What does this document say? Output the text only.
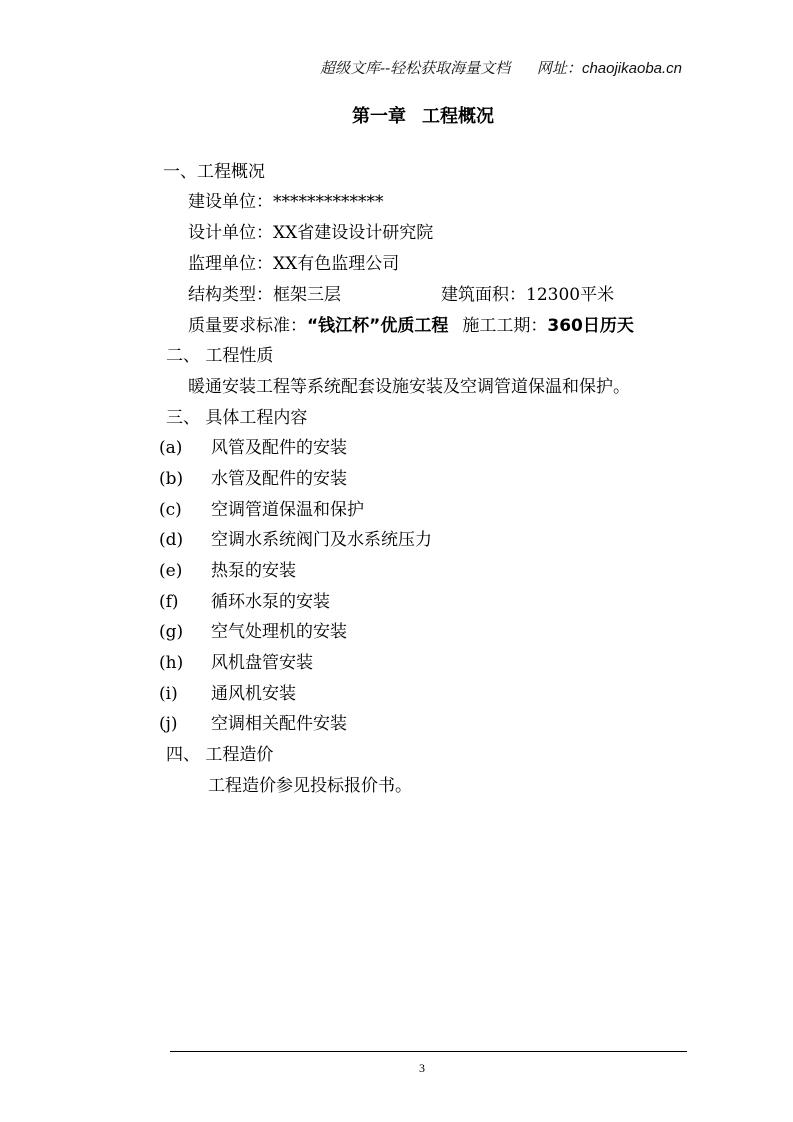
超级文库--轻松获取海量文档 网址：chaojikaoba.cn
第一章 工程概况
一、工程概况
建设单位：*************
设计单位：XX省建设设计研究院
监理单位：XX有色监理公司
结构类型：框架三层	建筑面积：12300平米
质量要求标准：“钱江杯”优质工程 施工工期：360日历天
二、 工程性质
暖通安装工程等系统配套设施安装及空调管道保温和保护。
三、 具体工程内容
(a) 风管及配件的安装
(b) 水管及配件的安装
(c) 空调管道保温和保护
(d) 空调水系统阀门及水系统压力
(e) 热泵的安装
(f) 循环水泵的安装
(g) 空气处理机的安装
(h) 风机盘管安装
(i) 通风机安装
(j) 空调相关配件安装
四、 工程造价
工程造价参见投标报价书。
3
